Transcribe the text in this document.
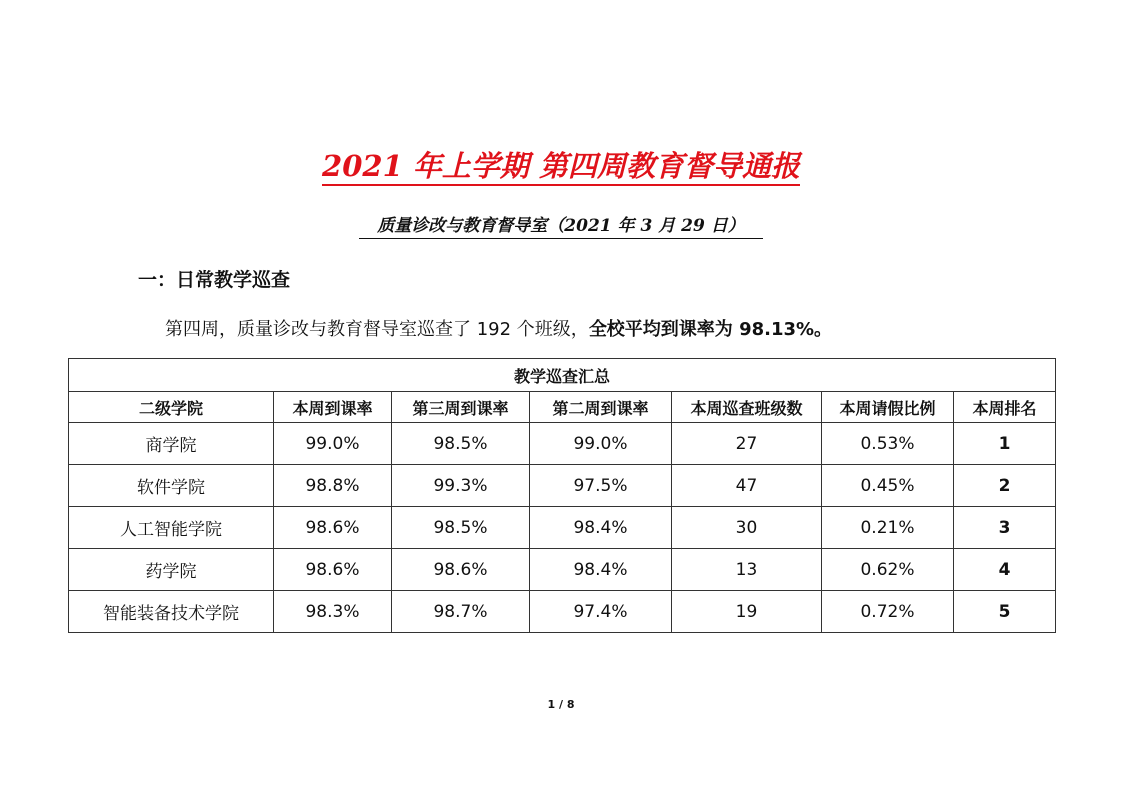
2021 年上学期 第四周教育督导通报
质量诊改与教育督导室（2021 年 3 月 29 日）
一：日常教学巡查
第四周，质量诊改与教育督导室巡查了 192 个班级，全校平均到课率为 98.13%。
教学巡查汇总						
二级学院	本周到课率	第三周到课率	第二周到课率	本周巡查班级数	本周请假比例	本周排名
商学院	99.0%	98.5%	99.0%	27	0.53%	1
软件学院	98.8%	99.3%	97.5%	47	0.45%	2
人工智能学院	98.6%	98.5%	98.4%	30	0.21%	3
药学院	98.6%	98.6%	98.4%	13	0.62%	4
智能装备技术学院	98.3%	98.7%	97.4%	19	0.72%	5
1 / 8
